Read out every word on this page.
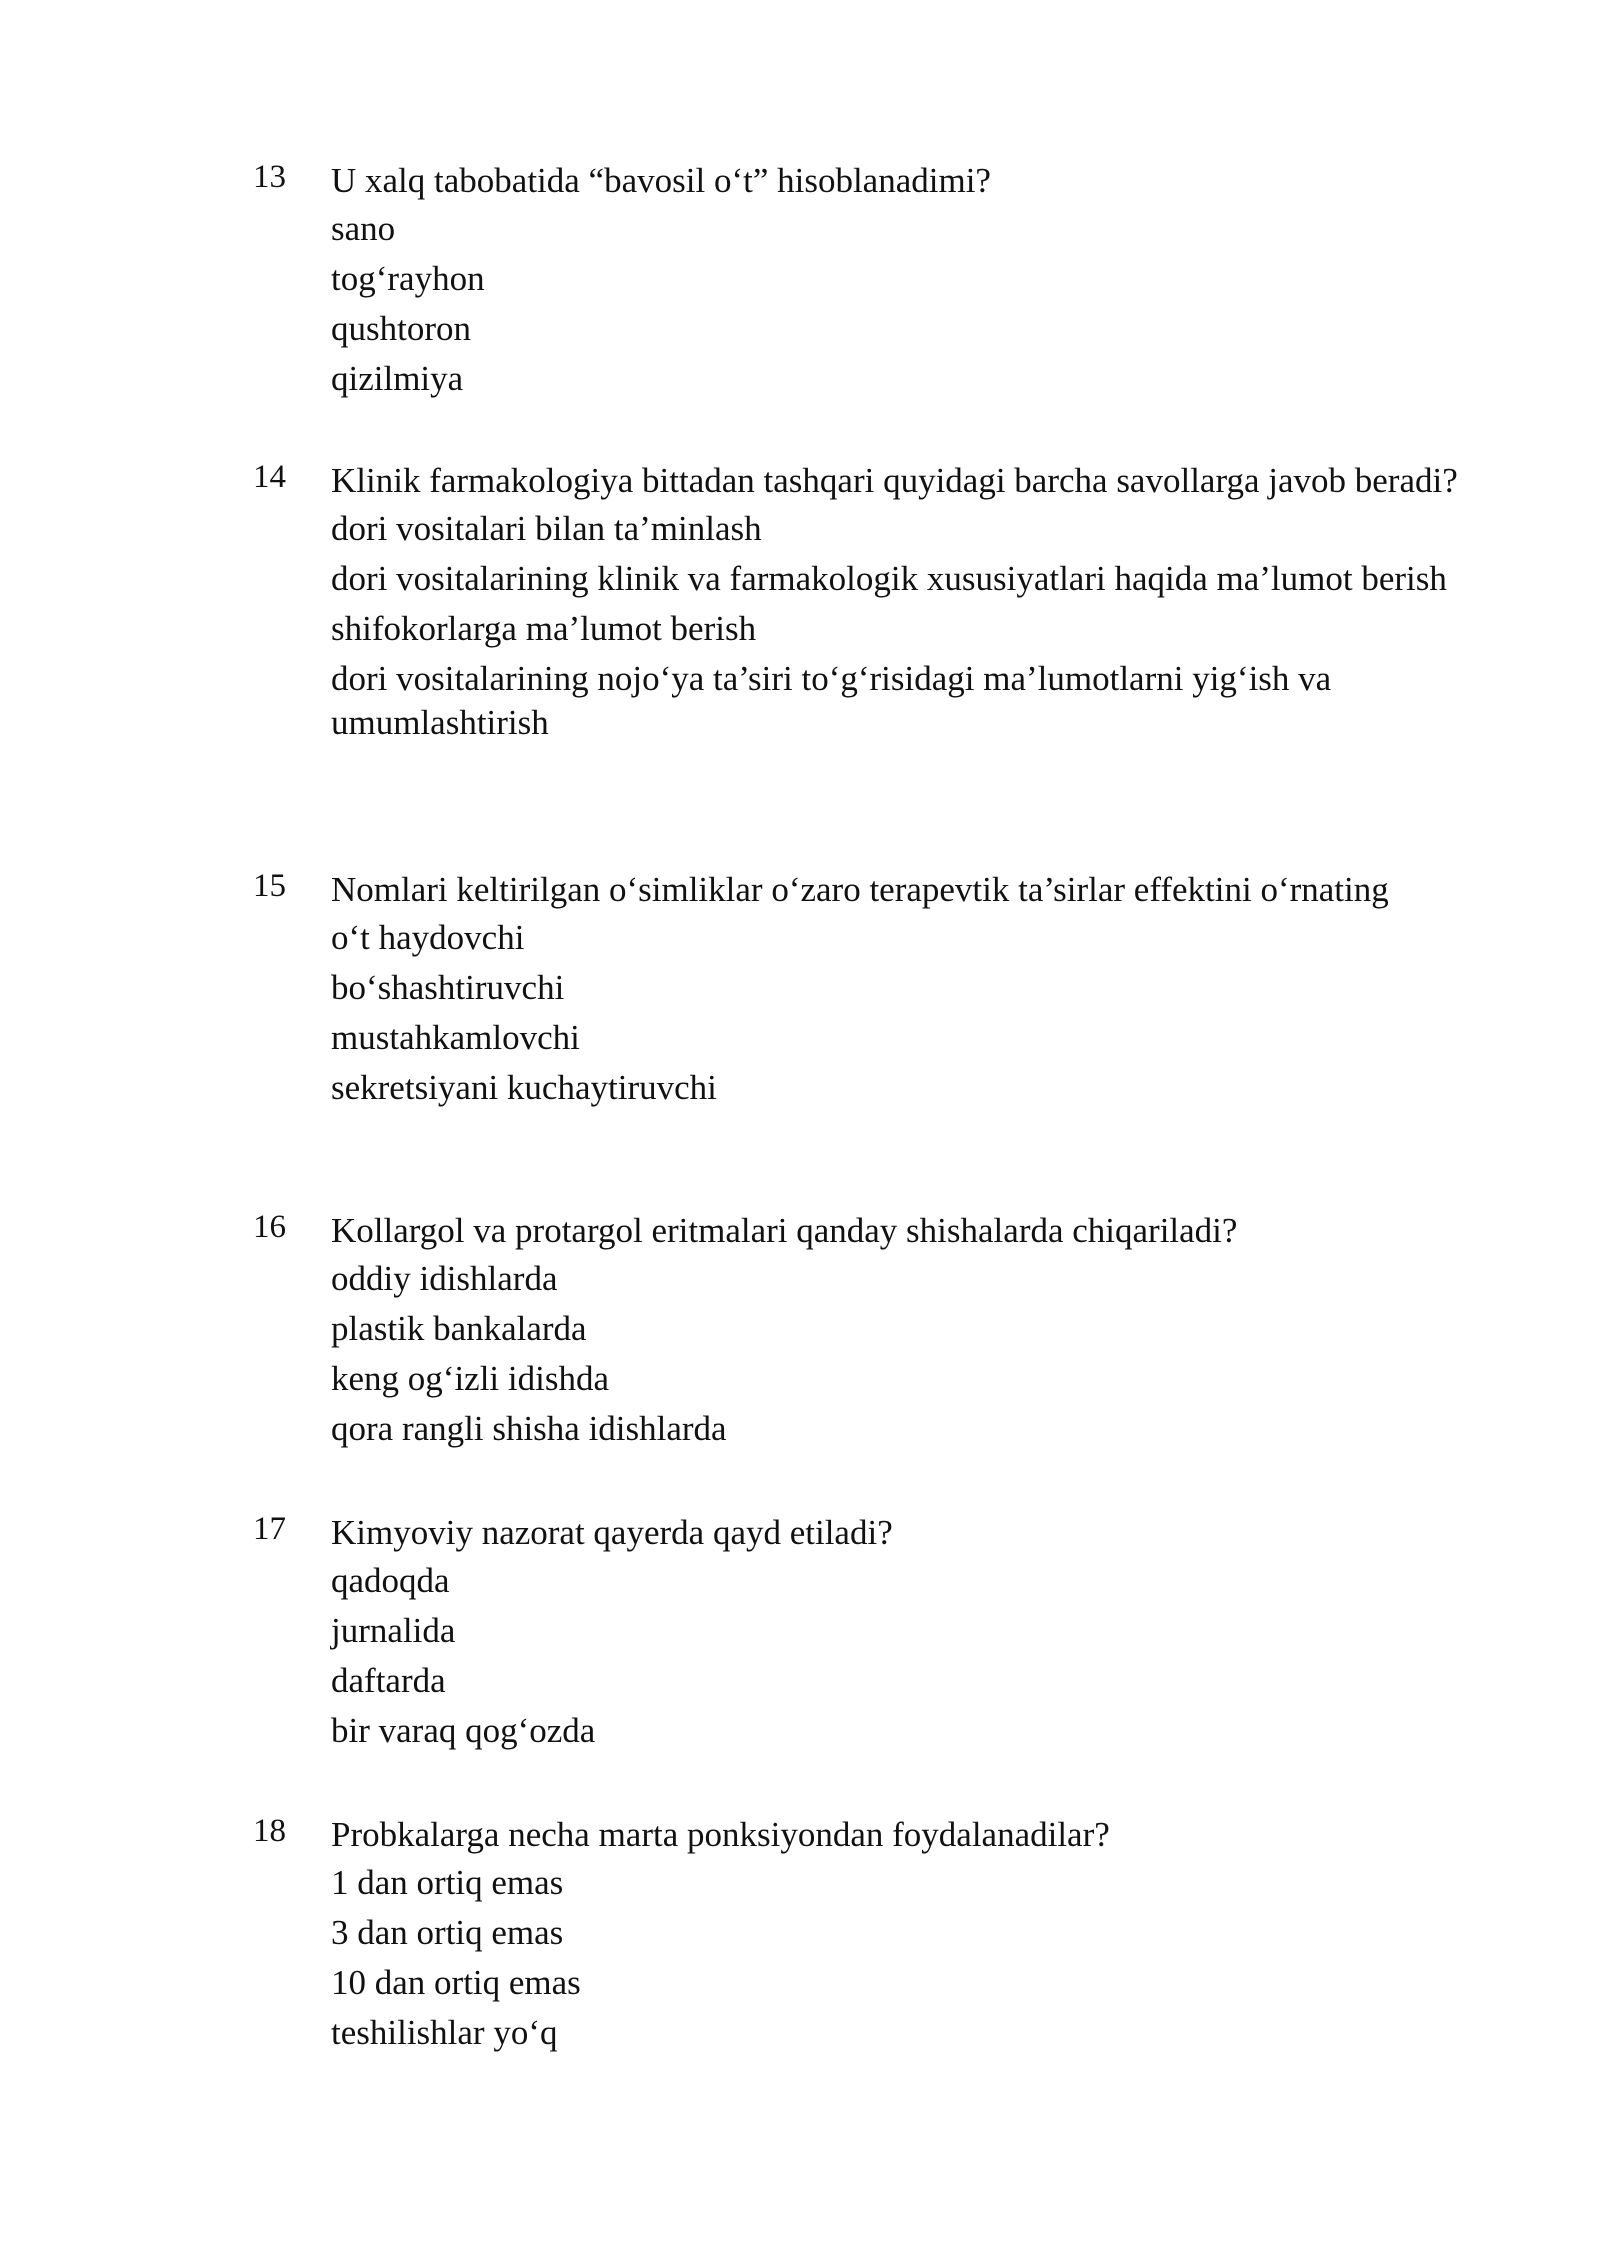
13 U xalq tabobatida “bavosil o‘t” hisoblanadimi?

sano
tog‘rayhon
qushtoron
qizilmiya
14 Klinik farmakologiya bittadan tashqari quyidagi barcha savollarga javob beradi?

dori vositalari bilan ta’minlash
dori vositalarining klinik va farmakologik xususiyatlari haqida ma’lumot berish
shifokorlarga ma’lumot berish
dori vositalarining nojo‘ya ta’siri to‘g‘risidagi ma’lumotlarni yig‘ish va umumlashtirish
15 Nomlari keltirilgan o‘simliklar o‘zaro terapevtik ta’sirlar effektini o‘rnating

o‘t haydovchi
bo‘shashtiruvchi
mustahkamlovchi
sekretsiyani kuchaytiruvchi
16 Kollargol va protargol eritmalari qanday shishalarda chiqariladi?

oddiy idishlarda
plastik bankalarda
keng og‘izli idishda
qora rangli shisha idishlarda
17 Kimyoviy nazorat qayerda qayd etiladi?

qadoqda
jurnalida
daftarda
bir varaq qog‘ozda
18 Probkalarga necha marta ponksiyondan foydalanadilar?

1 dan ortiq emas
3 dan ortiq emas
10 dan ortiq emas
teshilishlar yo‘q
